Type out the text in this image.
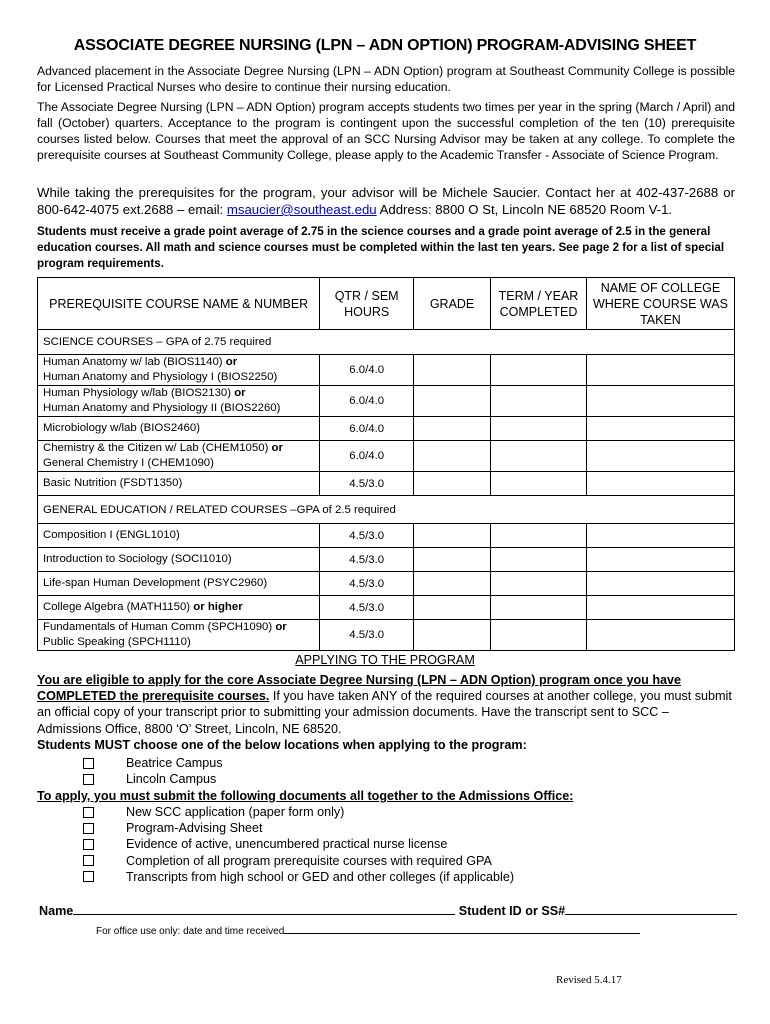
ASSOCIATE DEGREE NURSING (LPN – ADN OPTION) PROGRAM-ADVISING SHEET
Advanced placement in the Associate Degree Nursing (LPN – ADN Option) program at Southeast Community College is possible for Licensed Practical Nurses who desire to continue their nursing education.
The Associate Degree Nursing (LPN – ADN Option) program accepts students two times per year in the spring (March / April) and fall (October) quarters. Acceptance to the program is contingent upon the successful completion of the ten (10) prerequisite courses listed below. Courses that meet the approval of an SCC Nursing Advisor may be taken at any college. To complete the prerequisite courses at Southeast Community College, please apply to the Academic Transfer - Associate of Science Program.
While taking the prerequisites for the program, your advisor will be Michele Saucier. Contact her at 402-437-2688 or 800-642-4075 ext.2688 – email: msaucier@southeast.edu Address: 8800 O St, Lincoln NE 68520 Room V-1.
Students must receive a grade point average of 2.75 in the science courses and a grade point average of 2.5 in the general education courses. All math and science courses must be completed within the last ten years. See page 2 for a list of special program requirements.
PREREQUISITE COURSE NAME & NUMBER	QTR / SEM HOURS	GRADE	TERM / YEAR COMPLETED	NAME OF COLLEGE WHERE COURSE WAS TAKEN
SCIENCE COURSES – GPA of 2.75 required				
Human Anatomy w/ lab (BIOS1140) or
Human Anatomy and Physiology I (BIOS2250)	6.0/4.0			
Human Physiology w/lab (BIOS2130) or
Human Anatomy and Physiology II (BIOS2260)	6.0/4.0			
Microbiology w/lab (BIOS2460)	6.0/4.0			
Chemistry & the Citizen w/ Lab (CHEM1050) or
General Chemistry I (CHEM1090)	6.0/4.0			
Basic Nutrition (FSDT1350)	4.5/3.0			
GENERAL EDUCATION / RELATED COURSES –GPA of 2.5 required				
Composition I (ENGL1010)	4.5/3.0			
Introduction to Sociology (SOCI1010)	4.5/3.0			
Life-span Human Development (PSYC2960)	4.5/3.0			
College Algebra (MATH1150) or higher	4.5/3.0			
Fundamentals of Human Comm (SPCH1090) or
Public Speaking (SPCH1110)	4.5/3.0			
APPLYING TO THE PROGRAM
You are eligible to apply for the core Associate Degree Nursing (LPN – ADN Option) program once you have COMPLETED the prerequisite courses. If you have taken ANY of the required courses at another college, you must submit an official copy of your transcript prior to submitting your admission documents. Have the transcript sent to SCC – Admissions Office, 8800 ‘O’ Street, Lincoln, NE 68520.
Students MUST choose one of the below locations when applying to the program:
Beatrice Campus
Lincoln Campus
To apply, you must submit the following documents all together to the Admissions Office:
New SCC application (paper form only)
Program-Advising Sheet
Evidence of active, unencumbered practical nurse license
Completion of all program prerequisite courses with required GPA
Transcripts from high school or GED and other colleges (if applicable)
Name	Student ID or SS#
For office use only: date and time received
Revised 5.4.17
